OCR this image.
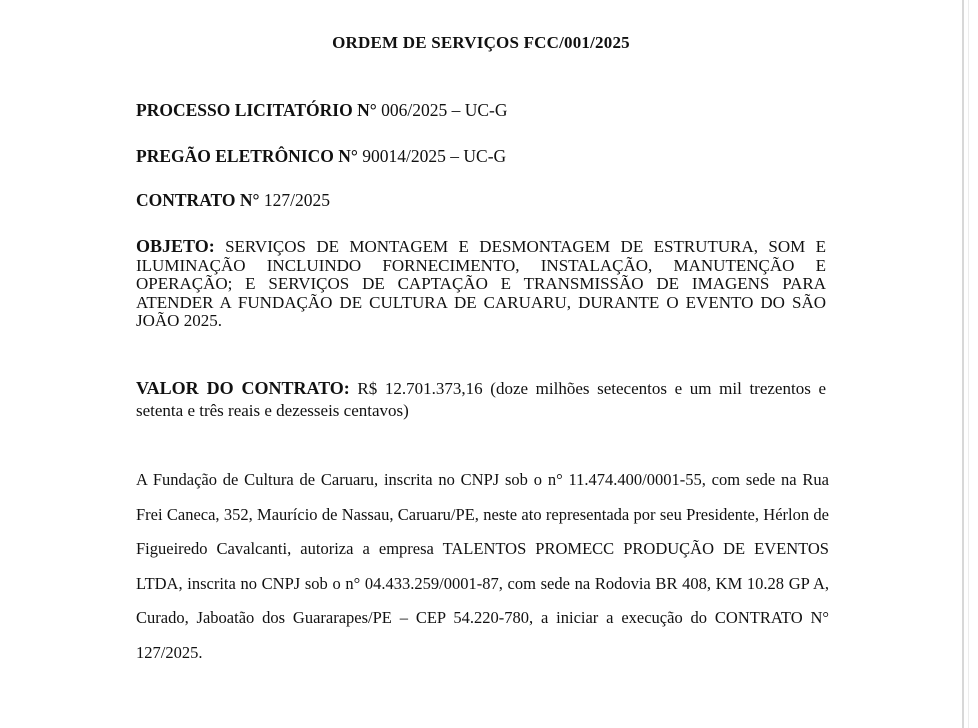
ORDEM DE SERVIÇOS FCC/001/2025
PROCESSO LICITATÓRIO N° 006/2025 – UC-G
PREGÃO ELETRÔNICO N° 90014/2025 – UC-G
CONTRATO N° 127/2025
OBJETO: SERVIÇOS DE MONTAGEM E DESMONTAGEM DE ESTRUTURA, SOM E ILUMINAÇÃO INCLUINDO FORNECIMENTO, INSTALAÇÃO, MANUTENÇÃO E OPERAÇÃO; E SERVIÇOS DE CAPTAÇÃO E TRANSMISSÃO DE IMAGENS PARA ATENDER A FUNDAÇÃO DE CULTURA DE CARUARU, DURANTE O EVENTO DO SÃO JOÃO 2025.
VALOR DO CONTRATO: R$ 12.701.373,16 (doze milhões setecentos e um mil trezentos e setenta e três reais e dezesseis centavos)
A Fundação de Cultura de Caruaru, inscrita no CNPJ sob o n° 11.474.400/0001-55, com sede na Rua Frei Caneca, 352, Maurício de Nassau, Caruaru/PE, neste ato representada por seu Presidente, Hérlon de Figueiredo Cavalcanti, autoriza a empresa TALENTOS PROMECC PRODUÇÃO DE EVENTOS LTDA, inscrita no CNPJ sob o n° 04.433.259/0001-87, com sede na Rodovia BR 408, KM 10.28 GP A, Curado, Jaboatão dos Guararapes/PE – CEP 54.220-780, a iniciar a execução do CONTRATO N° 127/2025.
